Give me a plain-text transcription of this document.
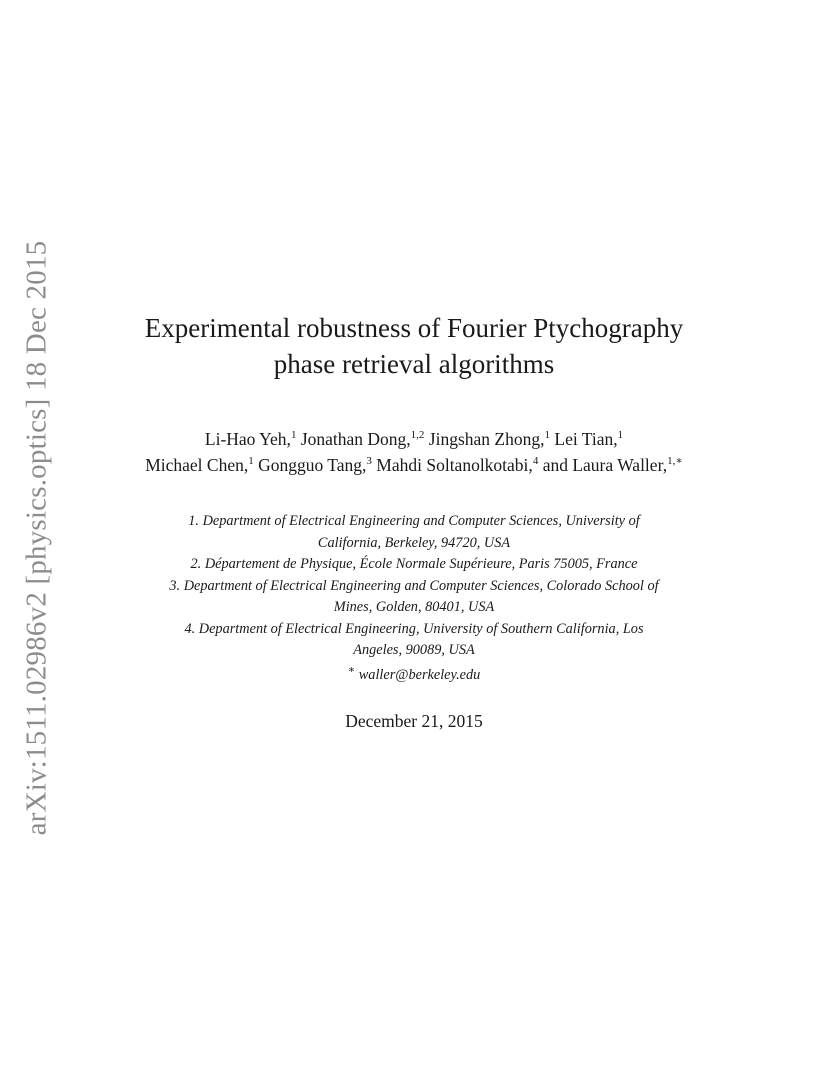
arXiv:1511.02986v2 [physics.optics] 18 Dec 2015	Experimental robustness of Fourier Ptychography
phase retrieval algorithms
Li-Hao Yeh,$^1$ Jonathan Dong,$^{1,2}$ Jingshan Zhong,$^1$ Lei Tian,$^1$
Michael Chen,$^1$ Gongguo Tang,$^3$ Mahdi Soltanolkotabi,$^4$ and Laura Waller,$^{1,∗}$
1. Department of Electrical Engineering and Computer Sciences, University of
California, Berkeley, 94720, USA
2. Département de Physique, École Normale Supérieure, Paris 75005, France
3. Department of Electrical Engineering and Computer Sciences, Colorado School of
Mines, Golden, 80401, USA
4. Department of Electrical Engineering, University of Southern California, Los
Angeles, 90089, USA
∗ waller@berkeley.edu
December 21, 2015
